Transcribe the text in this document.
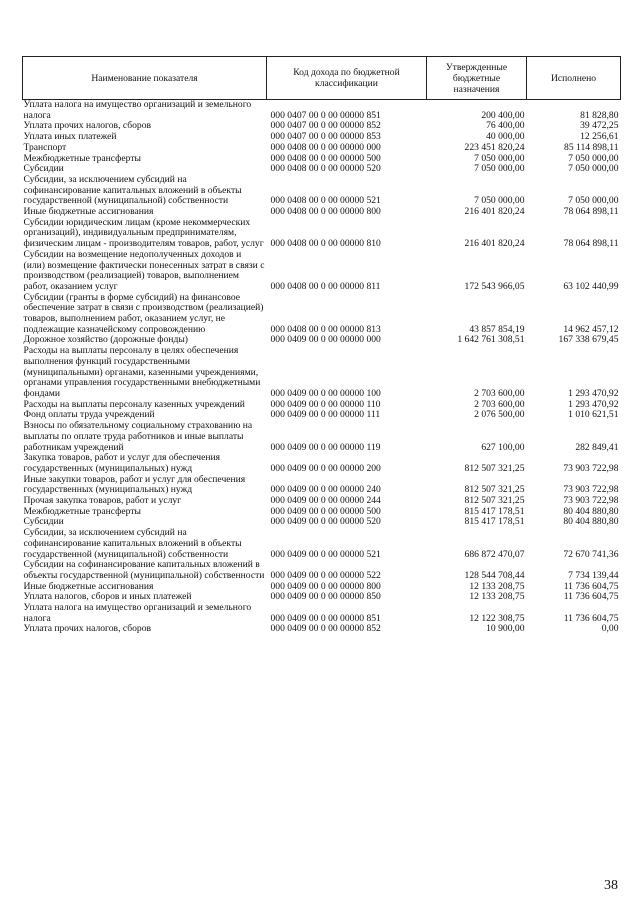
Наименование показателя	Код дохода по бюджетной классификации	Утвержденные бюджетные назначения	Исполнено
Уплата налога на имущество организаций и земельного налога	000 0407 00 0 00 00000 851	200 400,00	81 828,80
Уплата прочих налогов, сборов	000 0407 00 0 00 00000 852	76 400,00	39 472,25
Уплата иных платежей	000 0407 00 0 00 00000 853	40 000,00	12 256,61
Транспорт	000 0408 00 0 00 00000 000	223 451 820,24	85 114 898,11
Межбюджетные трансферты	000 0408 00 0 00 00000 500	7 050 000,00	7 050 000,00
Субсидии	000 0408 00 0 00 00000 520	7 050 000,00	7 050 000,00
Субсидии, за исключением субсидий на софинансирование капитальных вложений в объекты государственной (муниципальной) собственности	000 0408 00 0 00 00000 521	7 050 000,00	7 050 000,00
Иные бюджетные ассигнования	000 0408 00 0 00 00000 800	216 401 820,24	78 064 898,11
Субсидии юридическим лицам (кроме некоммерческих организаций), индивидуальным предпринимателям, физическим лицам - производителям товаров, работ, услуг	000 0408 00 0 00 00000 810	216 401 820,24	78 064 898,11
Субсидии на возмещение недополученных доходов и (или) возмещение фактически понесенных затрат в связи с производством (реализацией) товаров, выполнением работ, оказанием услуг	000 0408 00 0 00 00000 811	172 543 966,05	63 102 440,99
Субсидии (гранты в форме субсидий) на финансовое обеспечение затрат в связи с производством (реализацией) товаров, выполнением работ, оказанием услуг, не подлежащие казначейскому сопровождению	000 0408 00 0 00 00000 813	43 857 854,19	14 962 457,12
Дорожное хозяйство (дорожные фонды)	000 0409 00 0 00 00000 000	1 642 761 308,51	167 338 679,45
Расходы на выплаты персоналу в целях обеспечения выполнения функций государственными (муниципальными) органами, казенными учреждениями, органами управления государственными внебюджетными фондами	000 0409 00 0 00 00000 100	2 703 600,00	1 293 470,92
Расходы на выплаты персоналу казенных учреждений	000 0409 00 0 00 00000 110	2 703 600,00	1 293 470,92
Фонд оплаты труда учреждений	000 0409 00 0 00 00000 111	2 076 500,00	1 010 621,51
Взносы по обязательному социальному страхованию на выплаты по оплате труда работников и иные выплаты работникам учреждений	000 0409 00 0 00 00000 119	627 100,00	282 849,41
Закупка товаров, работ и услуг для обеспечения государственных (муниципальных) нужд	000 0409 00 0 00 00000 200	812 507 321,25	73 903 722,98
Иные закупки товаров, работ и услуг для обеспечения государственных (муниципальных) нужд	000 0409 00 0 00 00000 240	812 507 321,25	73 903 722,98
Прочая закупка товаров, работ и услуг	000 0409 00 0 00 00000 244	812 507 321,25	73 903 722,98
Межбюджетные трансферты	000 0409 00 0 00 00000 500	815 417 178,51	80 404 880,80
Субсидии	000 0409 00 0 00 00000 520	815 417 178,51	80 404 880,80
Субсидии, за исключением субсидий на софинансирование капитальных вложений в объекты государственной (муниципальной) собственности	000 0409 00 0 00 00000 521	686 872 470,07	72 670 741,36
Субсидии на софинансирование капитальных вложений в объекты государственной (муниципальной) собственности	000 0409 00 0 00 00000 522	128 544 708,44	7 734 139,44
Иные бюджетные ассигнования	000 0409 00 0 00 00000 800	12 133 208,75	11 736 604,75
Уплата налогов, сборов и иных платежей	000 0409 00 0 00 00000 850	12 133 208,75	11 736 604,75
Уплата налога на имущество организаций и земельного налога	000 0409 00 0 00 00000 851	12 122 308,75	11 736 604,75
Уплата прочих налогов, сборов	000 0409 00 0 00 00000 852	10 900,00	0,00
38
